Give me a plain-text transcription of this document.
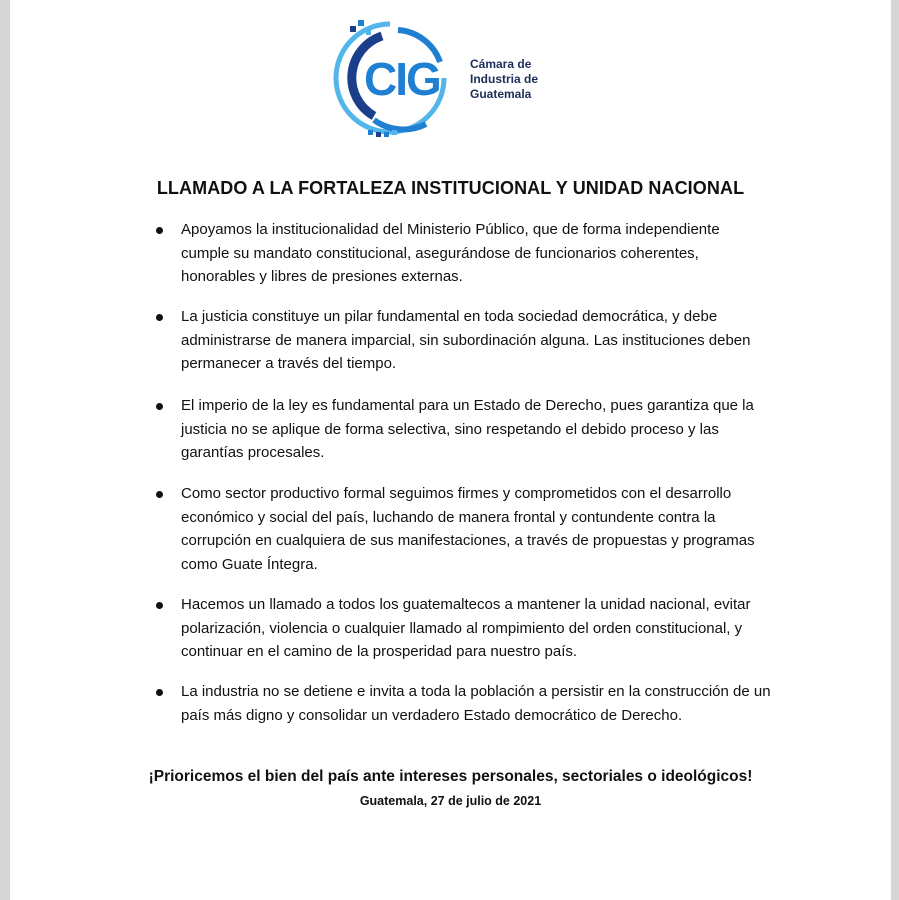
CIG	Cámara de
Industria de
Guatemala
LLAMADO A LA FORTALEZA INSTITUCIONAL Y UNIDAD NACIONAL
Apoyamos la institucionalidad del Ministerio Público, que de forma independiente cumple su mandato constitucional, asegurándose de funcionarios coherentes, honorables y libres de presiones externas.
La justicia constituye un pilar fundamental en toda sociedad democrática, y debe administrarse de manera imparcial, sin subordinación alguna. Las instituciones deben permanecer a través del tiempo.
El imperio de la ley es fundamental para un Estado de Derecho, pues garantiza que la justicia no se aplique de forma selectiva, sino respetando el debido proceso y las garantías procesales.
Como sector productivo formal seguimos firmes y comprometidos con el desarrollo económico y social del país, luchando de manera frontal y contundente contra la corrupción en cualquiera de sus manifestaciones, a través de propuestas y programas como Guate Íntegra.
Hacemos un llamado a todos los guatemaltecos a mantener la unidad nacional, evitar polarización, violencia o cualquier llamado al rompimiento del orden constitucional, y continuar en el camino de la prosperidad para nuestro país.
La industria no se detiene e invita a toda la población a persistir en la construcción de un país más digno y consolidar un verdadero Estado democrático de Derecho.
¡Prioricemos el bien del país ante intereses personales, sectoriales o ideológicos!
Guatemala, 27 de julio de 2021
